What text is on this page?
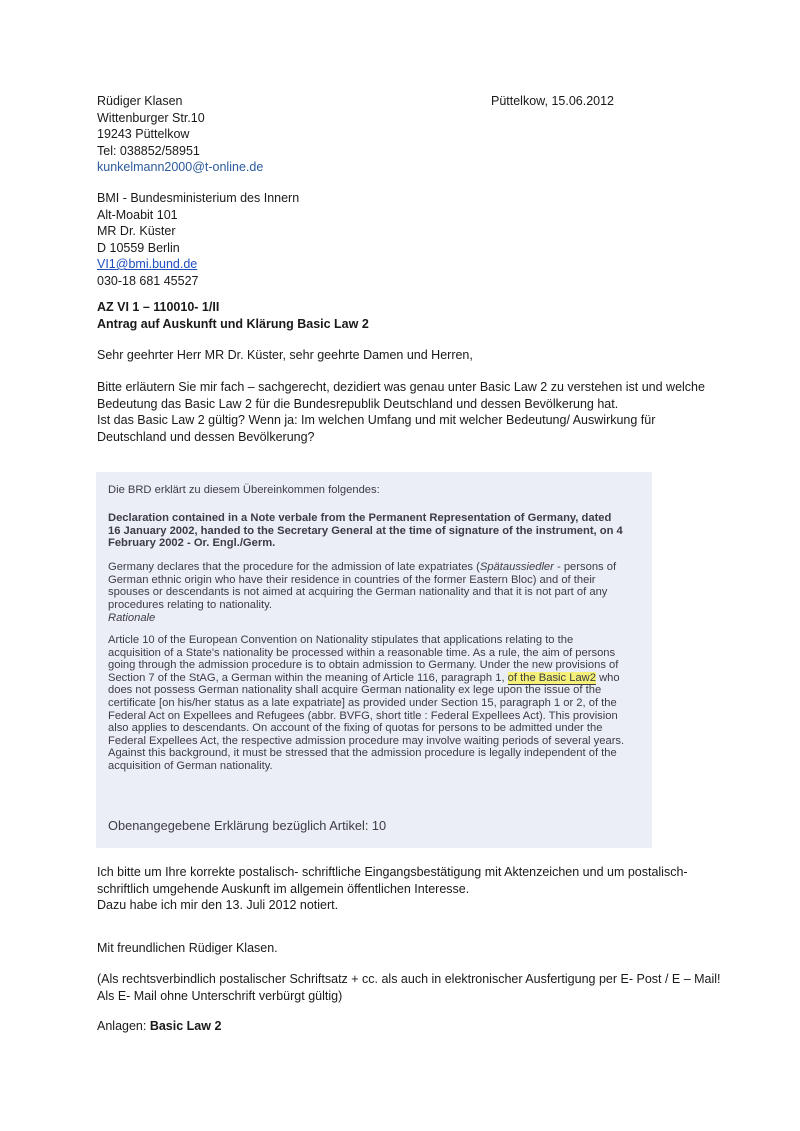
Rüdiger Klasen
Wittenburger Str.10
19243 Püttelkow
Tel: 038852/58951
kunkelmann2000@t-online.de
Püttelkow, 15.06.2012
BMI - Bundesministerium des Innern
Alt-Moabit 101
MR Dr. Küster
D 10559 Berlin
VI1@bmi.bund.de
030-18 681 45527
AZ VI 1 – 110010- 1/II
Antrag auf Auskunft und Klärung Basic Law 2
Sehr geehrter Herr MR Dr. Küster, sehr geehrte Damen und Herren,
Bitte erläutern Sie mir fach – sachgerecht, dezidiert was genau unter Basic Law 2 zu verstehen ist und welche
Bedeutung das Basic Law 2 für die Bundesrepublik Deutschland und dessen Bevölkerung hat.
Ist das Basic Law 2 gültig? Wenn ja: Im welchen Umfang und mit welcher Bedeutung/ Auswirkung für
Deutschland und dessen Bevölkerung?
Die BRD erklärt zu diesem Übereinkommen folgendes:
Declaration contained in a Note verbale from the Permanent Representation of Germany, dated
16 January 2002, handed to the Secretary General at the time of signature of the instrument, on 4
February 2002 - Or. Engl./Germ.
Germany declares that the procedure for the admission of late expatriates (Spätaussiedler - persons of
German ethnic origin who have their residence in countries of the former Eastern Bloc) and of their
spouses or descendants is not aimed at acquiring the German nationality and that it is not part of any
procedures relating to nationality.
Rationale
Article 10 of the European Convention on Nationality stipulates that applications relating to the
acquisition of a State's nationality be processed within a reasonable time. As a rule, the aim of persons
going through the admission procedure is to obtain admission to Germany. Under the new provisions of
Section 7 of the StAG, a German within the meaning of Article 116, paragraph 1, of the Basic Law2 who
does not possess German nationality shall acquire German nationality ex lege upon the issue of the
certificate [on his/her status as a late expatriate] as provided under Section 15, paragraph 1 or 2, of the
Federal Act on Expellees and Refugees (abbr. BVFG, short title : Federal Expellees Act). This provision
also applies to descendants. On account of the fixing of quotas for persons to be admitted under the
Federal Expellees Act, the respective admission procedure may involve waiting periods of several years.
Against this background, it must be stressed that the admission procedure is legally independent of the
acquisition of German nationality.
Obenangegebene Erklärung bezüglich Artikel: 10
Ich bitte um Ihre korrekte postalisch- schriftliche Eingangsbestätigung mit Aktenzeichen und um postalisch-
schriftlich umgehende Auskunft im allgemein öffentlichen Interesse.
Dazu habe ich mir den 13. Juli 2012 notiert.
Mit freundlichen Rüdiger Klasen.
(Als rechtsverbindlich postalischer Schriftsatz + cc. als auch in elektronischer Ausfertigung per E- Post / E – Mail!
Als E- Mail ohne Unterschrift verbürgt gültig)
Anlagen: Basic Law 2
